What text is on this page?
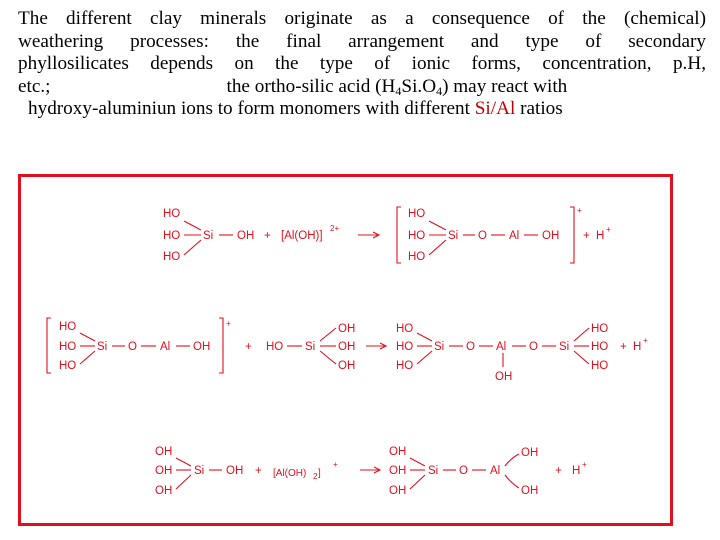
The different clay minerals originate as a consequence of the (chemical)
weathering processes: the final arrangement and type of secondary
phyllosilicates depends on the type of ionic forms, concentration, p.H,
etc.;	the ortho-silic acid $(H_4Si.O_4)$ may react with
hydroxy-aluminiun ions to form monomers with different Si/Al ratios
HO
HO
HO
Si OH + [Al(OH)]
2+
HO
HO
HO
Si O Al OH
+
+ H
+
HO
HO
HO
Si O Al OH
+
+ HO Si
OH
OH
OH
HO
HO
HO
Si O Al
OH
O Si
HO
HO
HO
+ H
+
OH
OH
OH
Si OH + [Al(OH) 2 ]
+
OH
OH
OH
Si O Al
OH
OH
+ H
+
